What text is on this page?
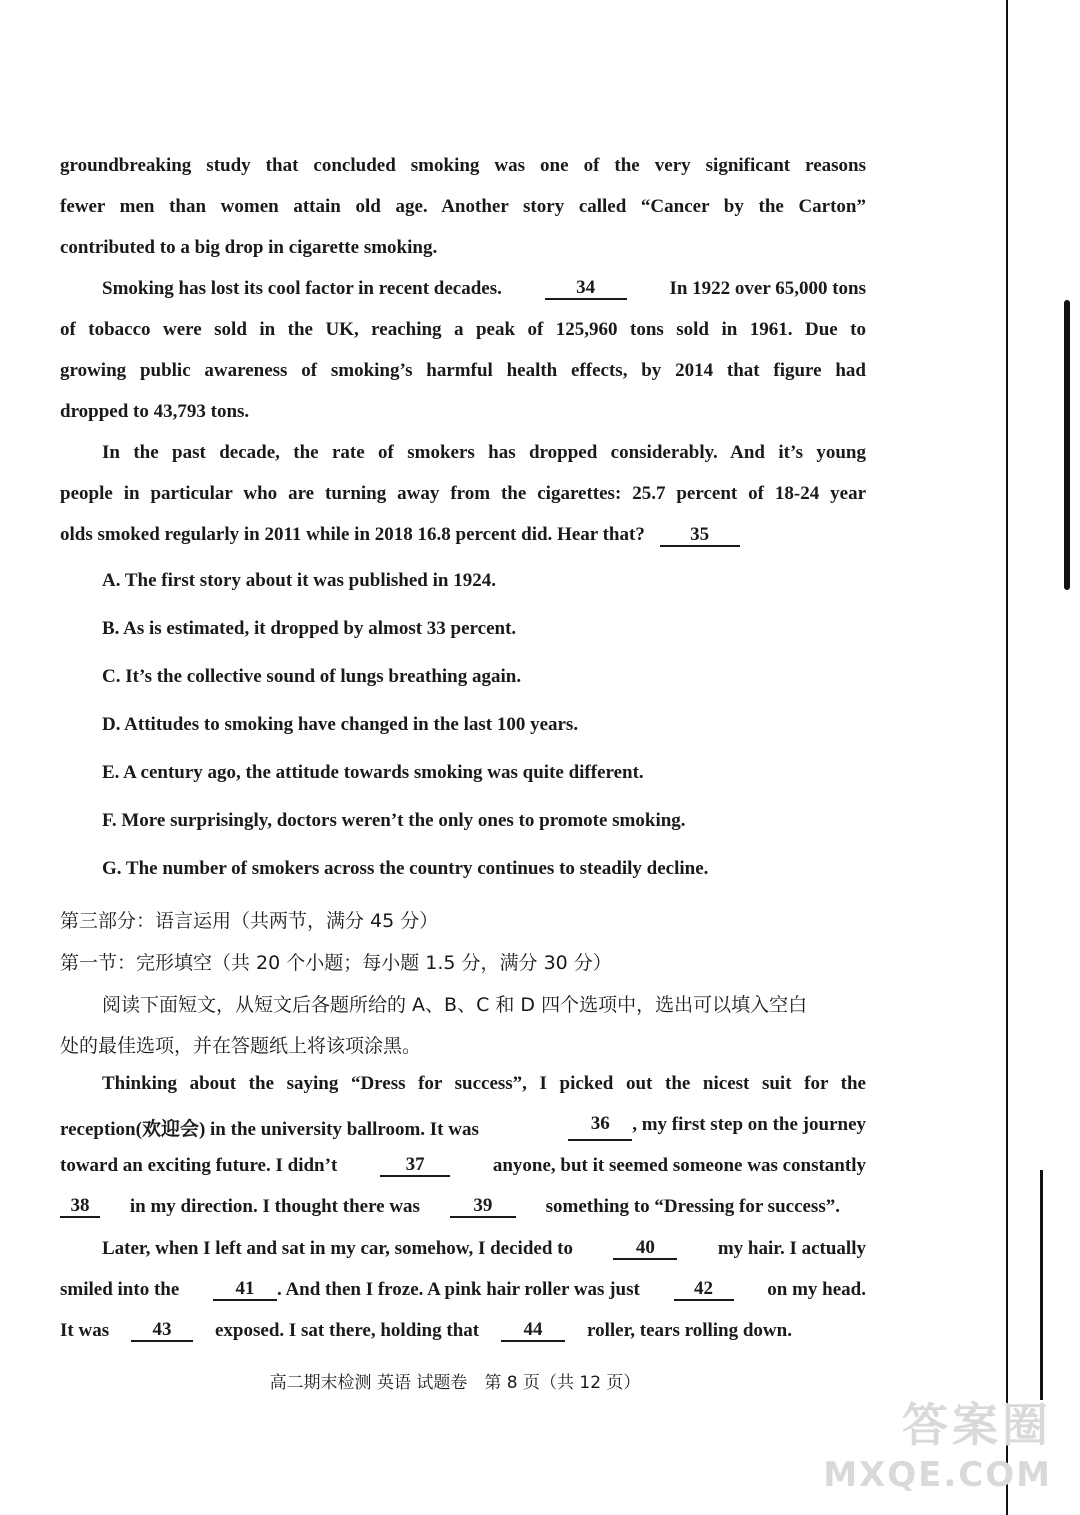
groundbreaking study that concluded smoking was one of the very significant reasons
fewer men than women attain old age. Another story called “Cancer by the Carton”
contributed to a big drop in cigarette smoking.
Smoking has lost its cool factor in recent decades.	34	In 1922 over 65,000 tons
of tobacco were sold in the UK, reaching a peak of 125,960 tons sold in 1961. Due to
growing public awareness of smoking’s harmful health effects, by 2014 that figure had
dropped to 43,793 tons.
In the past decade, the rate of smokers has dropped considerably. And it’s young
people in particular who are turning away from the cigarettes: 25.7 percent of 18-24 year
olds smoked regularly in 2011 while in 2018 16.8 percent did. Hear that? 35
A. The first story about it was published in 1924.
B. As is estimated, it dropped by almost 33 percent.
C. It’s the collective sound of lungs breathing again.
D. Attitudes to smoking have changed in the last 100 years.
E. A century ago, the attitude towards smoking was quite different.
F. More surprisingly, doctors weren’t the only ones to promote smoking.
G. The number of smokers across the country continues to steadily decline.
第三部分：语言运用（共两节，满分 45 分）
第一节：完形填空（共 20 个小题；每小题 1.5 分，满分 30 分）
阅读下面短文，从短文后各题所给的 A、B、C 和 D 四个选项中，选出可以填入空白
处的最佳选项，并在答题纸上将该项涂黑。
Thinking about the saying “Dress for success”, I picked out the nicest suit for the
reception(欢迎会) in the university ballroom. It was	36	, my first step on the journey
toward an exciting future. I didn’t	37	anyone, but it seemed someone was constantly
38	in my direction. I thought there was	39	something to “Dressing for success”.
Later, when I left and sat in my car, somehow, I decided to	40	my hair. I actually
smiled into the	41	. And then I froze. A pink hair roller was just	42	on my head.
It was	43	exposed. I sat there, holding that	44	roller, tears rolling down.
高二期末检测 英语 试题卷　第 8 页（共 12 页）
答案圈
MXQE.COM
